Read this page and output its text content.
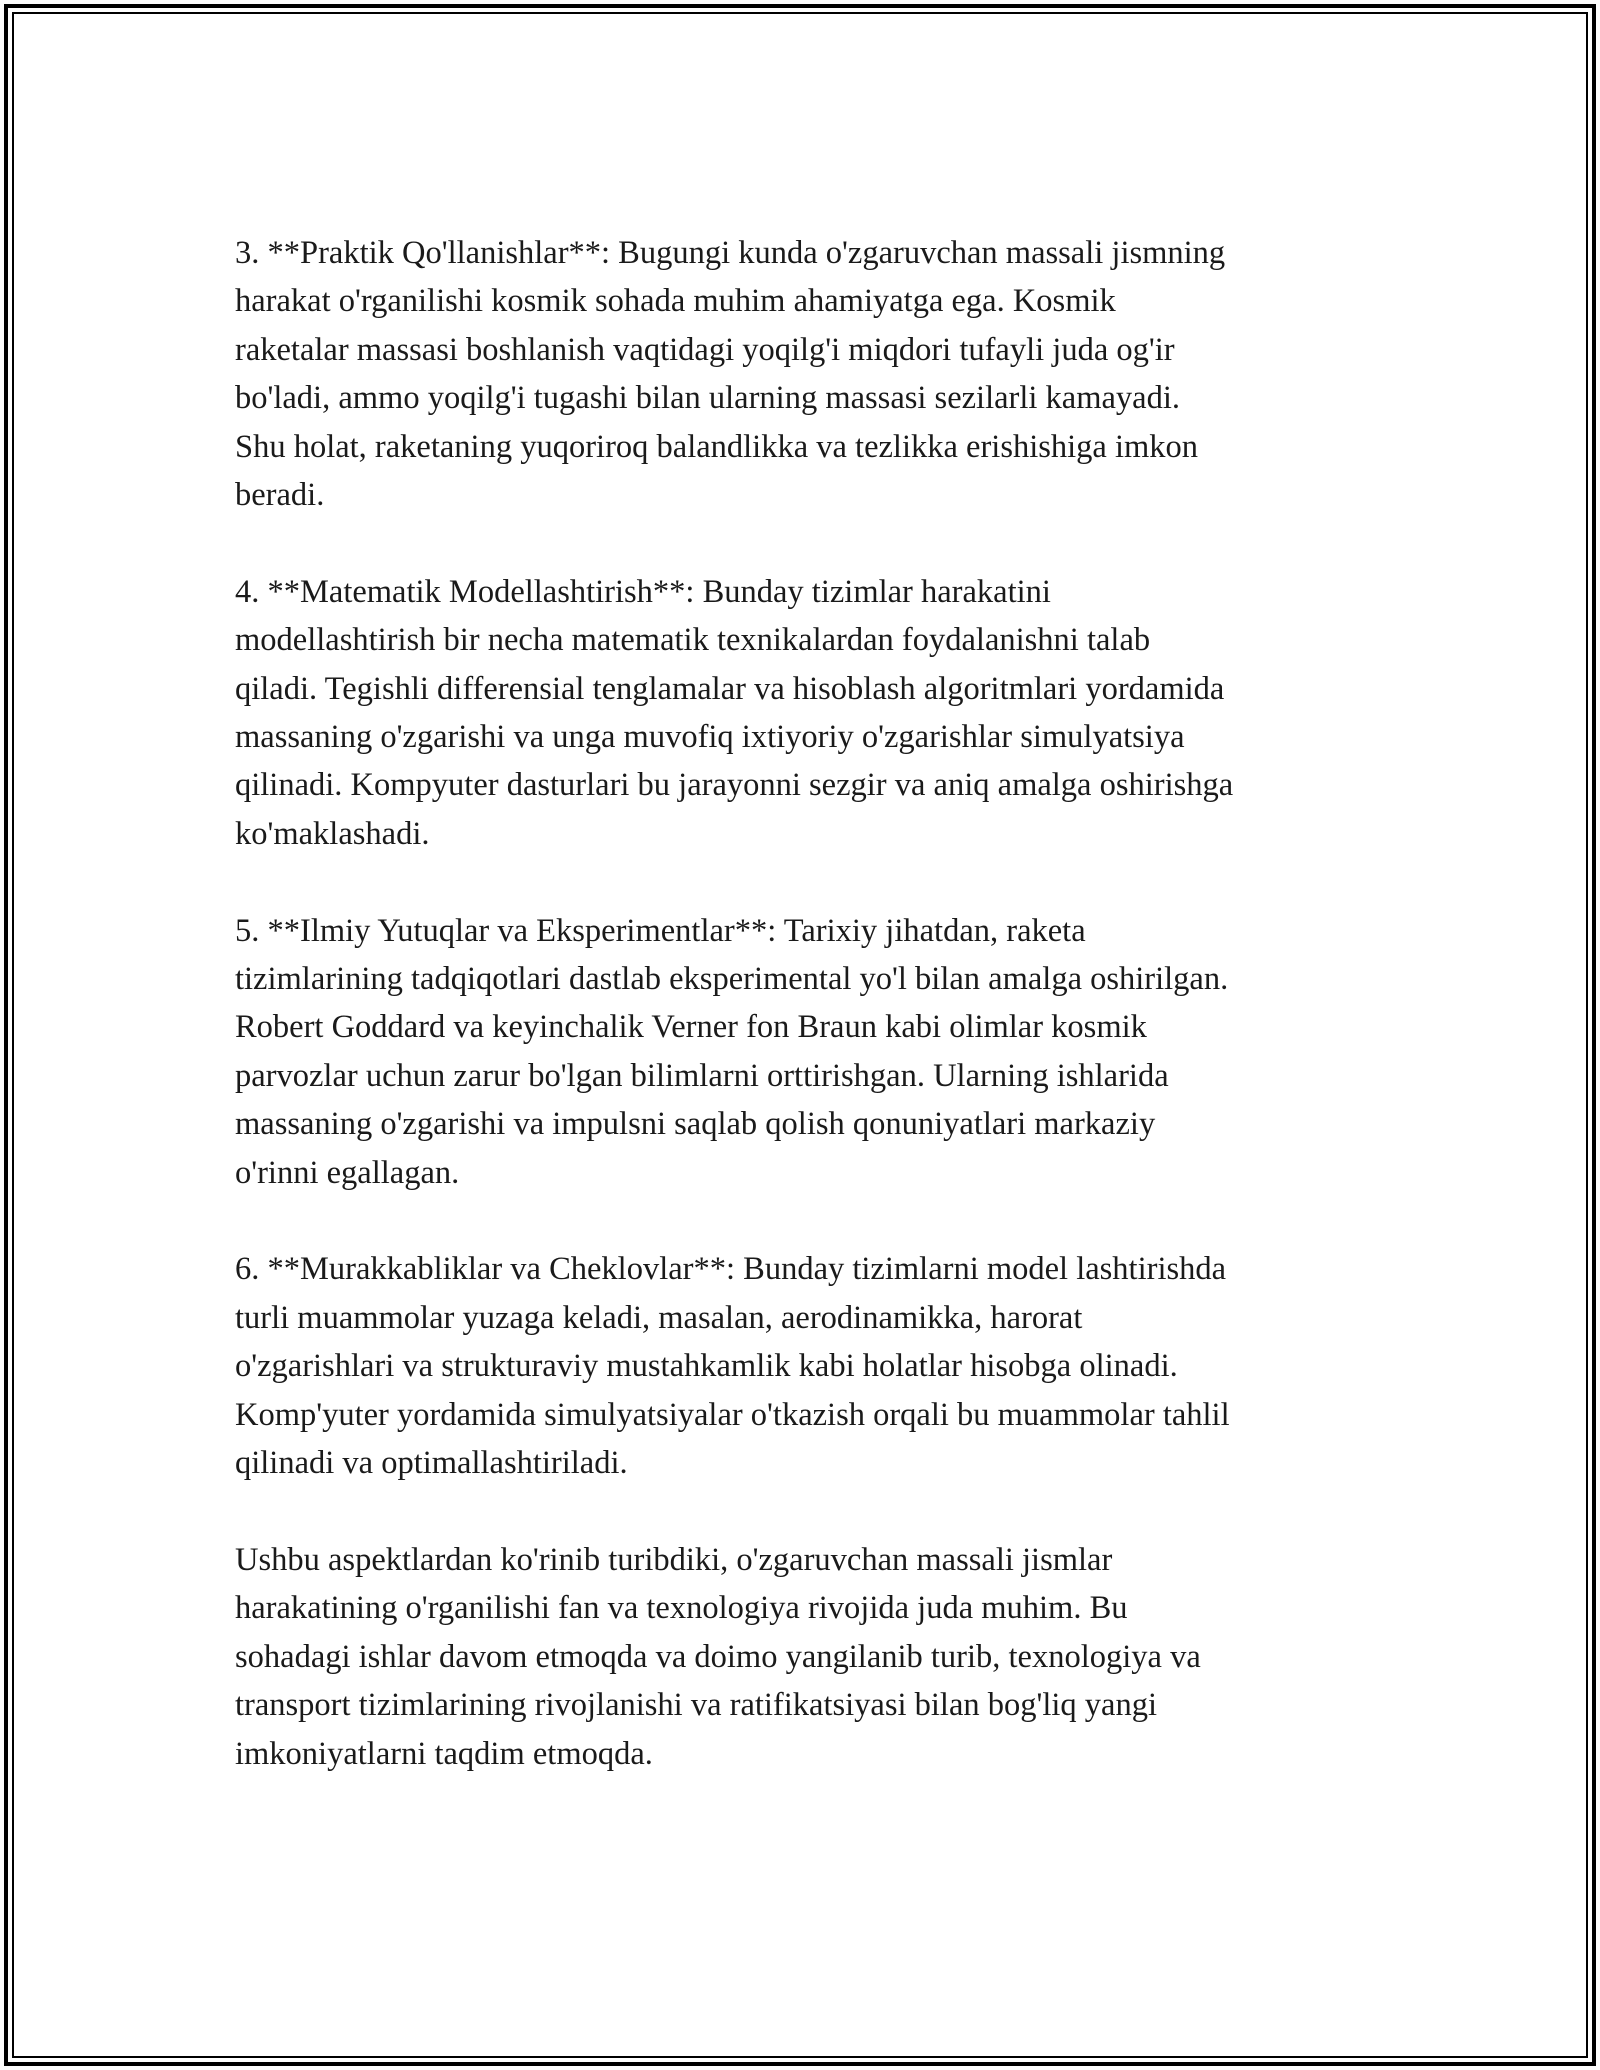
3. **Praktik Qo'llanishlar**: Bugungi kunda o'zgaruvchan massali jismning
harakat o'rganilishi kosmik sohada muhim ahamiyatga ega. Kosmik
raketalar massasi boshlanish vaqtidagi yoqilg'i miqdori tufayli juda og'ir
bo'ladi, ammo yoqilg'i tugashi bilan ularning massasi sezilarli kamayadi.
Shu holat, raketaning yuqoriroq balandlikka va tezlikka erishishiga imkon
beradi.

4. **Matematik Modellashtirish**: Bunday tizimlar harakatini
modellashtirish bir necha matematik texnikalardan foydalanishni talab
qiladi. Tegishli differensial tenglamalar va hisoblash algoritmlari yordamida
massaning o'zgarishi va unga muvofiq ixtiyoriy o'zgarishlar simulyatsiya
qilinadi. Kompyuter dasturlari bu jarayonni sezgir va aniq amalga oshirishga
ko'maklashadi.

5. **Ilmiy Yutuqlar va Eksperimentlar**: Tarixiy jihatdan, raketa
tizimlarining tadqiqotlari dastlab eksperimental yo'l bilan amalga oshirilgan.
Robert Goddard va keyinchalik Verner fon Braun kabi olimlar kosmik
parvozlar uchun zarur bo'lgan bilimlarni orttirishgan. Ularning ishlarida
massaning o'zgarishi va impulsni saqlab qolish qonuniyatlari markaziy
o'rinni egallagan.

6. **Murakkabliklar va Cheklovlar**: Bunday tizimlarni model lashtirishda
turli muammolar yuzaga keladi, masalan, aerodinamikka, harorat
o'zgarishlari va strukturaviy mustahkamlik kabi holatlar hisobga olinadi.
Komp'yuter yordamida simulyatsiyalar o'tkazish orqali bu muammolar tahlil
qilinadi va optimallashtiriladi.

Ushbu aspektlardan ko'rinib turibdiki, o'zgaruvchan massali jismlar
harakatining o'rganilishi fan va texnologiya rivojida juda muhim. Bu
sohadagi ishlar davom etmoqda va doimo yangilanib turib, texnologiya va
transport tizimlarining rivojlanishi va ratifikatsiyasi bilan bog'liq yangi
imkoniyatlarni taqdim etmoqda.
